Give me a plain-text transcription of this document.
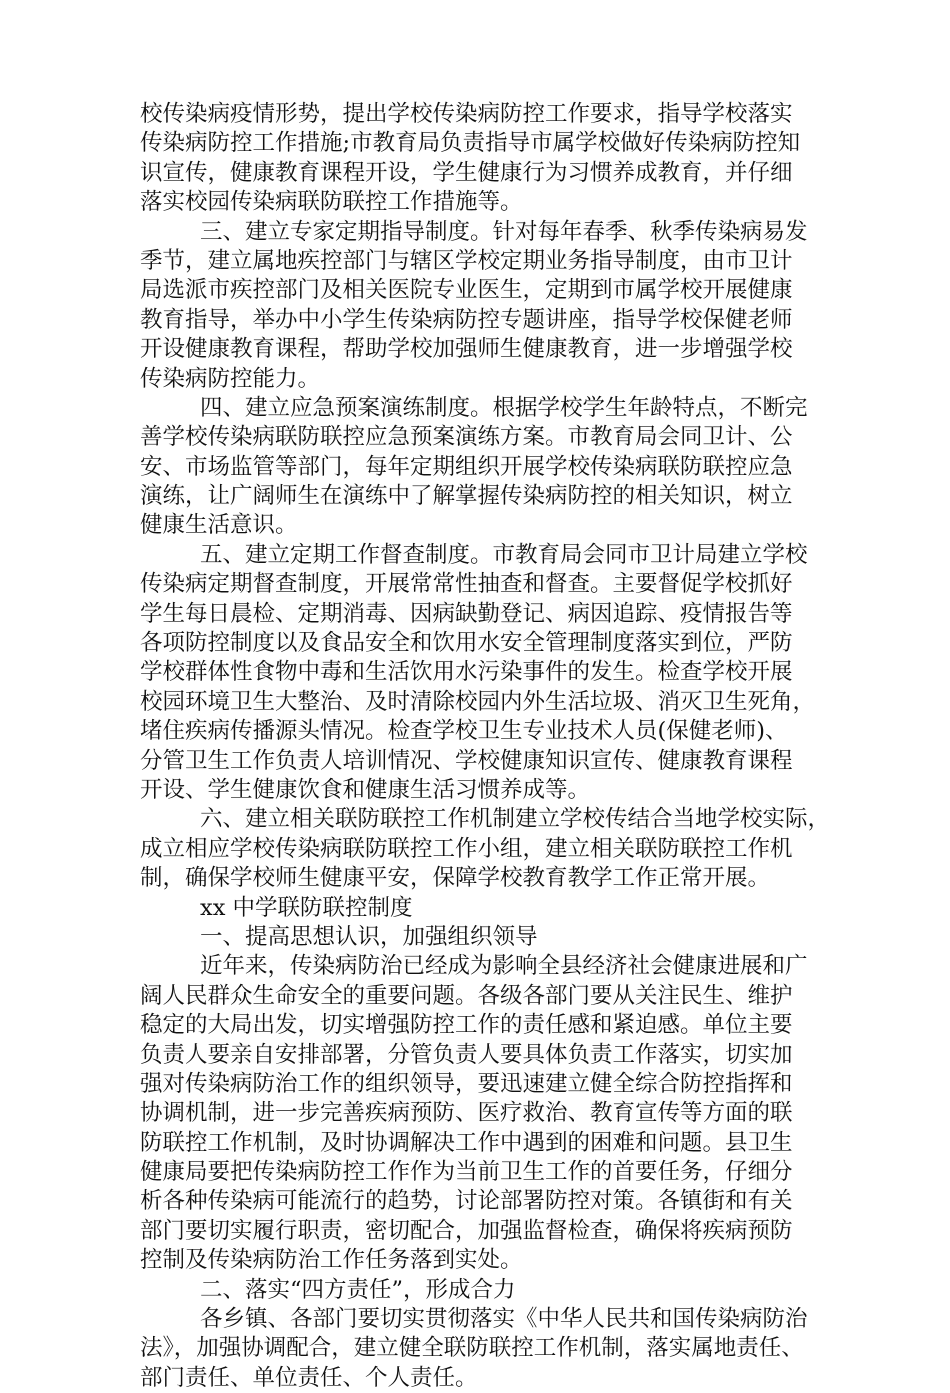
校传染病疫情形势，提出学校传染病防控工作要求，指导学校落实
传染病防控工作措施;市教育局负责指导市属学校做好传染病防控知
识宣传，健康教育课程开设，学生健康行为习惯养成教育，并仔细
落实校园传染病联防联控工作措施等。
三、建立专家定期指导制度。针对每年春季、秋季传染病易发
季节，建立属地疾控部门与辖区学校定期业务指导制度，由市卫计
局选派市疾控部门及相关医院专业医生，定期到市属学校开展健康
教育指导，举办中小学生传染病防控专题讲座，指导学校保健老师
开设健康教育课程，帮助学校加强师生健康教育，进一步增强学校
传染病防控能力。
四、建立应急预案演练制度。根据学校学生年龄特点，不断完
善学校传染病联防联控应急预案演练方案。市教育局会同卫计、公
安、市场监管等部门，每年定期组织开展学校传染病联防联控应急
演练，让广阔师生在演练中了解掌握传染病防控的相关知识，树立
健康生活意识。
五、建立定期工作督查制度。市教育局会同市卫计局建立学校
传染病定期督查制度，开展常常性抽查和督查。主要督促学校抓好
学生每日晨检、定期消毒、因病缺勤登记、病因追踪、疫情报告等
各项防控制度以及食品安全和饮用水安全管理制度落实到位，严防
学校群体性食物中毒和生活饮用水污染事件的发生。检查学校开展
校园环境卫生大整治、及时清除校园内外生活垃圾、消灭卫生死角，
堵住疾病传播源头情况。检查学校卫生专业技术人员(保健老师)、
分管卫生工作负责人培训情况、学校健康知识宣传、健康教育课程
开设、学生健康饮食和健康生活习惯养成等。
六、建立相关联防联控工作机制建立学校传结合当地学校实际，
成立相应学校传染病联防联控工作小组，建立相关联防联控工作机
制，确保学校师生健康平安，保障学校教育教学工作正常开展。
xx 中学联防联控制度
一、提高思想认识，加强组织领导
近年来，传染病防治已经成为影响全县经济社会健康进展和广
阔人民群众生命安全的重要问题。各级各部门要从关注民生、维护
稳定的大局出发，切实增强防控工作的责任感和紧迫感。单位主要
负责人要亲自安排部署，分管负责人要具体负责工作落实，切实加
强对传染病防治工作的组织领导，要迅速建立健全综合防控指挥和
协调机制，进一步完善疾病预防、医疗救治、教育宣传等方面的联
防联控工作机制，及时协调解决工作中遇到的困难和问题。县卫生
健康局要把传染病防控工作作为当前卫生工作的首要任务，仔细分
析各种传染病可能流行的趋势，讨论部署防控对策。各镇街和有关
部门要切实履行职责，密切配合，加强监督检查，确保将疾病预防
控制及传染病防治工作任务落到实处。
二、落实“四方责任”，形成合力
各乡镇、各部门要切实贯彻落实《中华人民共和国传染病防治
法》，加强协调配合，建立健全联防联控工作机制，落实属地责任、
部门责任、单位责任、个人责任。
